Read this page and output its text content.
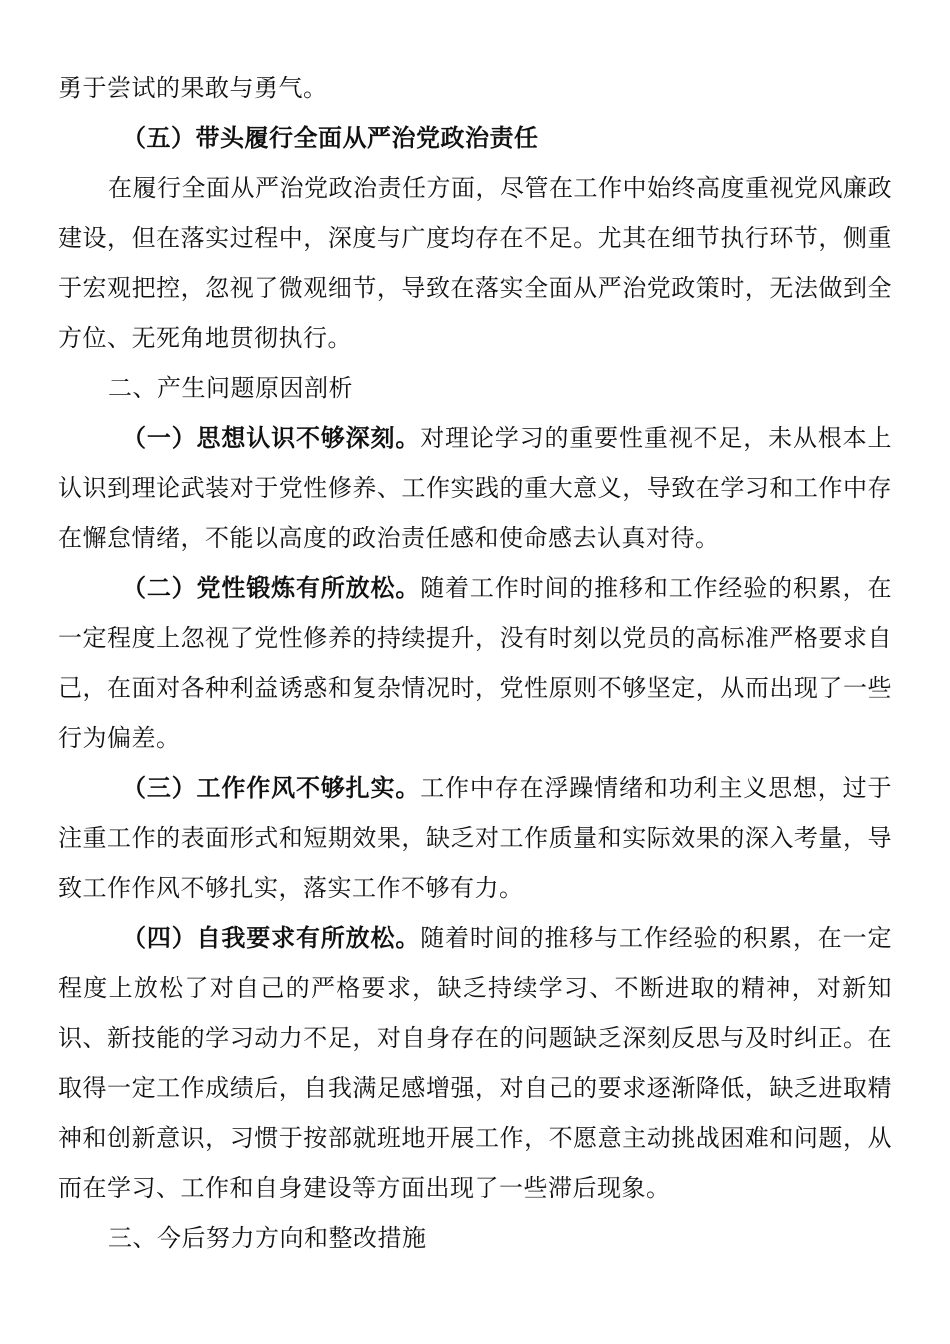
勇于尝试的果敢与勇气。

（五）带头履行全面从严治党政治责任

在履行全面从严治党政治责任方面，尽管在工作中始终高度重视党风廉政建设，但在落实过程中，深度与广度均存在不足。尤其在细节执行环节，侧重于宏观把控，忽视了微观细节，导致在落实全面从严治党政策时，无法做到全方位、无死角地贯彻执行。

二、产生问题原因剖析

（一）思想认识不够深刻。对理论学习的重要性重视不足，未从根本上认识到理论武装对于党性修养、工作实践的重大意义，导致在学习和工作中存在懈怠情绪，不能以高度的政治责任感和使命感去认真对待。

（二）党性锻炼有所放松。随着工作时间的推移和工作经验的积累，在一定程度上忽视了党性修养的持续提升，没有时刻以党员的高标准严格要求自己，在面对各种利益诱惑和复杂情况时，党性原则不够坚定，从而出现了一些行为偏差。

（三）工作作风不够扎实。工作中存在浮躁情绪和功利主义思想，过于注重工作的表面形式和短期效果，缺乏对工作质量和实际效果的深入考量，导致工作作风不够扎实，落实工作不够有力。

（四）自我要求有所放松。随着时间的推移与工作经验的积累，在一定程度上放松了对自己的严格要求，缺乏持续学习、不断进取的精神，对新知识、新技能的学习动力不足，对自身存在的问题缺乏深刻反思与及时纠正。在取得一定工作成绩后，自我满足感增强，对自己的要求逐渐降低，缺乏进取精神和创新意识，习惯于按部就班地开展工作，不愿意主动挑战困难和问题，从而在学习、工作和自身建设等方面出现了一些滞后现象。

三、今后努力方向和整改措施
